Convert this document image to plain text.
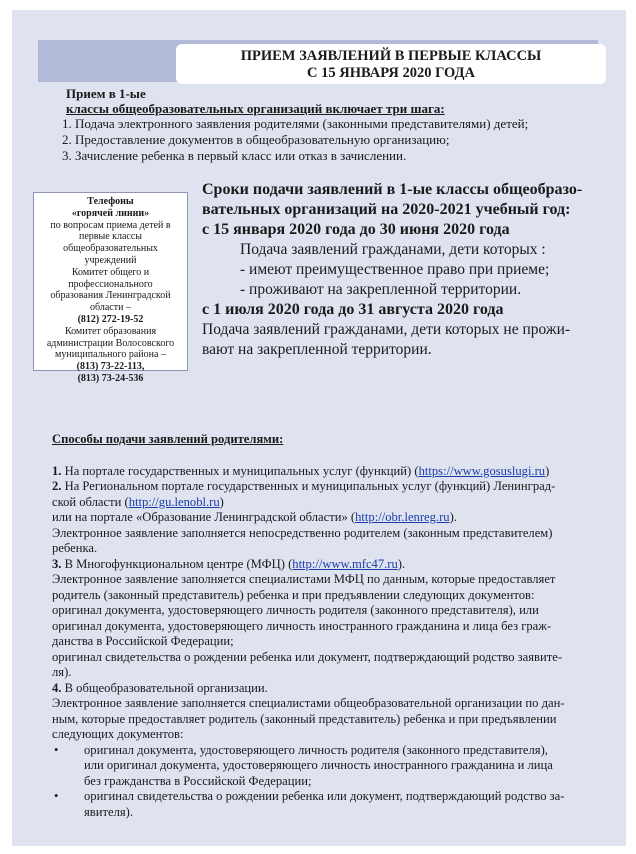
ПРИЕМ ЗАЯВЛЕНИЙ В ПЕРВЫЕ КЛАССЫ
С 15 ЯНВАРЯ 2020 ГОДА
Прием в 1-ые
классы общеобразовательных организаций включает три шага:
1. Подача электронного заявления родителями (законными представителями) детей;
2. Предоставление документов в общеобразовательную организацию;
3. Зачисление ребенка в первый класс или отказ в зачислении.
Телефоны
«горячей линии»
по вопросам приема детей в
первые классы
общеобразовательных
учреждений
Комитет общего и
профессионального
образования Ленинградской
области –
(812) 272-19-52
Комитет образования
администрации Волосовского
муниципального района –
(813) 73-22-113,
(813) 73-24-536
Сроки подачи заявлений в 1-ые классы общеобразо-
вательных организаций на 2020-2021 учебный год:
с 15 января 2020 года до 30 июня 2020 года
Подача заявлений гражданами, дети которых :
- имеют преимущественное право при приеме;
- проживают на закрепленной территории.
с 1 июля 2020 года до 31 августа 2020 года
Подача заявлений гражданами, дети которых не прожи-
вают на закрепленной территории.
Способы подачи заявлений родителями:
1. На портале государственных и муниципальных услуг (функций) (https://www.gosuslugi.ru)
2. На Региональном портале государственных и муниципальных услуг (функций) Ленинград-
ской области (http://gu.lenobl.ru)
или на портале «Образование Ленинградской области» (http://obr.lenreg.ru).
Электронное заявление заполняется непосредственно родителем (законным представителем)
ребенка.
3. В Многофункциональном центре (МФЦ) (http://www.mfc47.ru).
Электронное заявление заполняется специалистами МФЦ по данным, которые предоставляет
родитель (законный представитель) ребенка и при предъявлении следующих документов:
оригинал документа, удостоверяющего личность родителя (законного представителя), или
оригинал документа, удостоверяющего личность иностранного гражданина и лица без граж-
данства в Российской Федерации;
оригинал свидетельства о рождении ребенка или документ, подтверждающий родство заявите-
ля).
4. В общеобразовательной организации.
Электронное заявление заполняется специалистами общеобразовательной организации по дан-
ным, которые предоставляет родитель (законный представитель) ребенка и при предъявлении
следующих документов:
• оригинал документа, удостоверяющего личность родителя (законного представителя),
или оригинал документа, удостоверяющего личность иностранного гражданина и лица
без гражданства в Российской Федерации;
• оригинал свидетельства о рождении ребенка или документ, подтверждающий родство за-
явителя).
